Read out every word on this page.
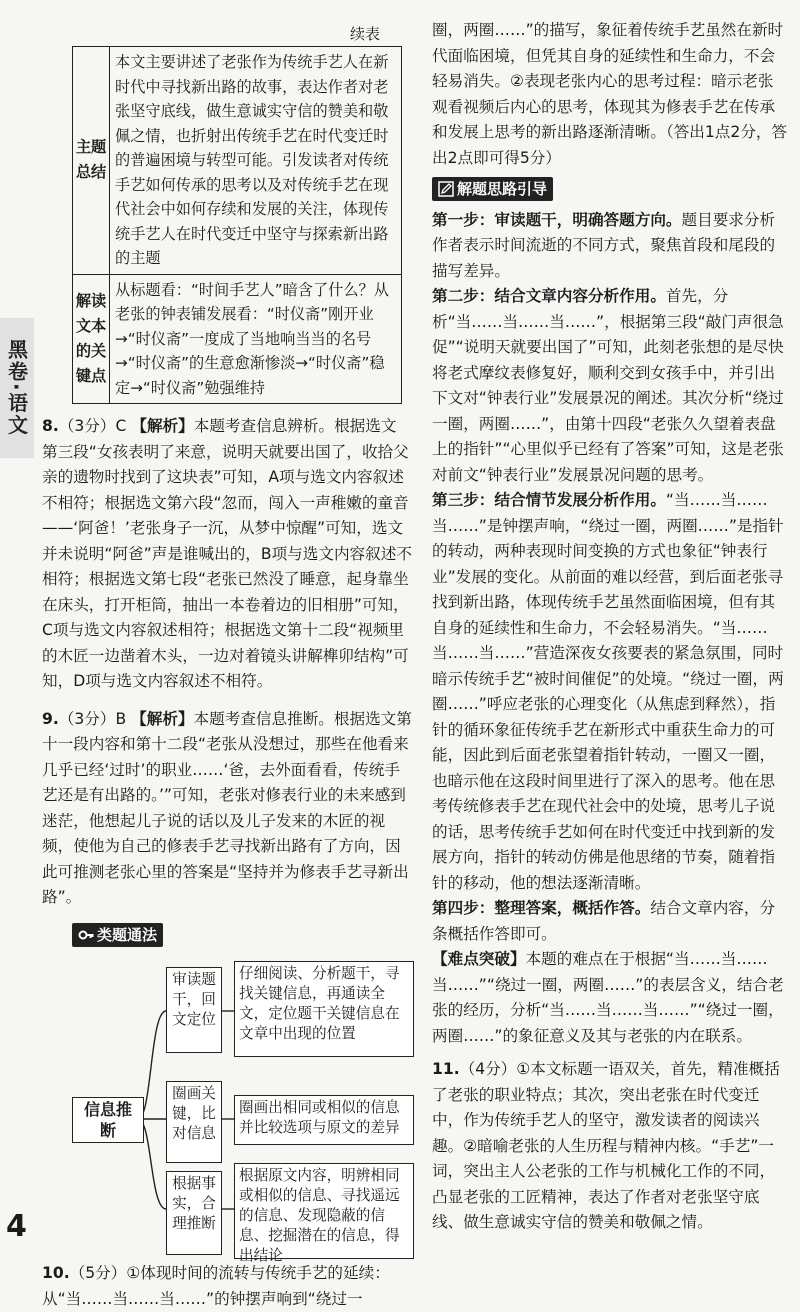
黑卷·语文
4
续表
主题总结	本文主要讲述了老张作为传统手艺人在新时代中寻找新出路的故事，表达作者对老张坚守底线，做生意诚实守信的赞美和敬佩之情，也折射出传统手艺在时代变迁时的普遍困境与转型可能。引发读者对传统手艺如何传承的思考以及对传统手艺在现代社会中如何存续和发展的关注，体现传统手艺人在时代变迁中坚守与探索新出路的主题
解读文本的关键点	从标题看：“时间手艺人”暗含了什么？从老张的钟表铺发展看：“时仪斋”刚开业→“时仪斋”一度成了当地响当当的名号→“时仪斋”的生意愈渐惨淡→“时仪斋”稳定→“时仪斋”勉强维持

8.（3分）C 【解析】本题考查信息辨析。根据选文第三段“女孩表明了来意，说明天就要出国了，收拾父亲的遗物时找到了这块表”可知，A项与选文内容叙述不相符；根据选文第六段“忽而，闯入一声稚嫩的童音——‘阿爸！’老张身子一沉，从梦中惊醒”可知，选文并未说明“阿爸”声是谁喊出的，B项与选文内容叙述不相符；根据选文第七段“老张已然没了睡意，起身靠坐在床头，打开柜筒，抽出一本卷着边的旧相册”可知，C项与选文内容叙述相符；根据选文第十二段“视频里的木匠一边凿着木头，一边对着镜头讲解榫卯结构”可知，D项与选文内容叙述不相符。

9.（3分）B 【解析】本题考查信息推断。根据选文第十一段内容和第十二段“老张从没想过，那些在他看来几乎已经‘过时’的职业……‘爸，去外面看看，传统手艺还是有出路的。’”可知，老张对修表行业的未来感到迷茫，他想起儿子说的话以及儿子发来的木匠的视频，使他为自己的修表手艺寻找新出路有了方向，因此可推测老张心里的答案是“坚持并为修表手艺寻新出路”。

类题通法
信息推断
审读题干，回文定位
仔细阅读、分析题干，寻找关键信息，再通读全文，定位题干关键信息在文章中出现的位置
圈画关键，比对信息
圈画出相同或相似的信息并比较选项与原文的差异
根据事实，合理推断
根据原文内容，明辨相同或相似的信息、寻找遥远的信息、发现隐蔽的信息、挖掘潜在的信息，得出结论

10.（5分）①体现时间的流转与传统手艺的延续：从“当……当……当……”的钟摆声响到“绕过一

圈，两圈……”的描写，象征着传统手艺虽然在新时代面临困境，但凭其自身的延续性和生命力，不会轻易消失。②表现老张内心的思考过程：暗示老张观看视频后内心的思考，体现其为修表手艺在传承和发展上思考的新出路逐渐清晰。（答出1点2分，答出2点即可得5分）

解题思路引导

第一步：审读题干，明确答题方向。题目要求分析作者表示时间流逝的不同方式，聚焦首段和尾段的描写差异。

第二步：结合文章内容分析作用。首先，分析“当……当……当……”，根据第三段“敲门声很急促”“说明天就要出国了”可知，此刻老张想的是尽快将老式摩纹表修复好，顺利交到女孩手中，并引出下文对“钟表行业”发展景况的阐述。其次分析“绕过一圈，两圈……”，由第十四段“老张久久望着表盘上的指针”“心里似乎已经有了答案”可知，这是老张对前文“钟表行业”发展景况问题的思考。

第三步：结合情节发展分析作用。“当……当……当……”是钟摆声响，“绕过一圈，两圈……”是指针的转动，两种表现时间变换的方式也象征“钟表行业”发展的变化。从前面的难以经营，到后面老张寻找到新出路，体现传统手艺虽然面临困境，但有其自身的延续性和生命力，不会轻易消失。“当……当……当……”营造深夜女孩要表的紧急氛围，同时暗示传统手艺“被时间催促”的处境。“绕过一圈，两圈……”呼应老张的心理变化（从焦虑到释然），指针的循环象征传统手艺在新形式中重获生命力的可能，因此到后面老张望着指针转动，一圈又一圈，也暗示他在这段时间里进行了深入的思考。他在思考传统修表手艺在现代社会中的处境，思考儿子说的话，思考传统手艺如何在时代变迁中找到新的发展方向，指针的转动仿佛是他思绪的节奏，随着指针的移动，他的想法逐渐清晰。

第四步：整理答案，概括作答。结合文章内容，分条概括作答即可。

【难点突破】本题的难点在于根据“当……当……当……”“绕过一圈，两圈……”的表层含义，结合老张的经历，分析“当……当……当……”“绕过一圈，两圈……”的象征意义及其与老张的内在联系。

11.（4分）①本文标题一语双关，首先，精准概括了老张的职业特点；其次，突出老张在时代变迁中，作为传统手艺人的坚守，激发读者的阅读兴趣。②暗喻老张的人生历程与精神内核。“手艺”一词，突出主人公老张的工作与机械化工作的不同，凸显老张的工匠精神，表达了作者对老张坚守底线、做生意诚实守信的赞美和敬佩之情。
